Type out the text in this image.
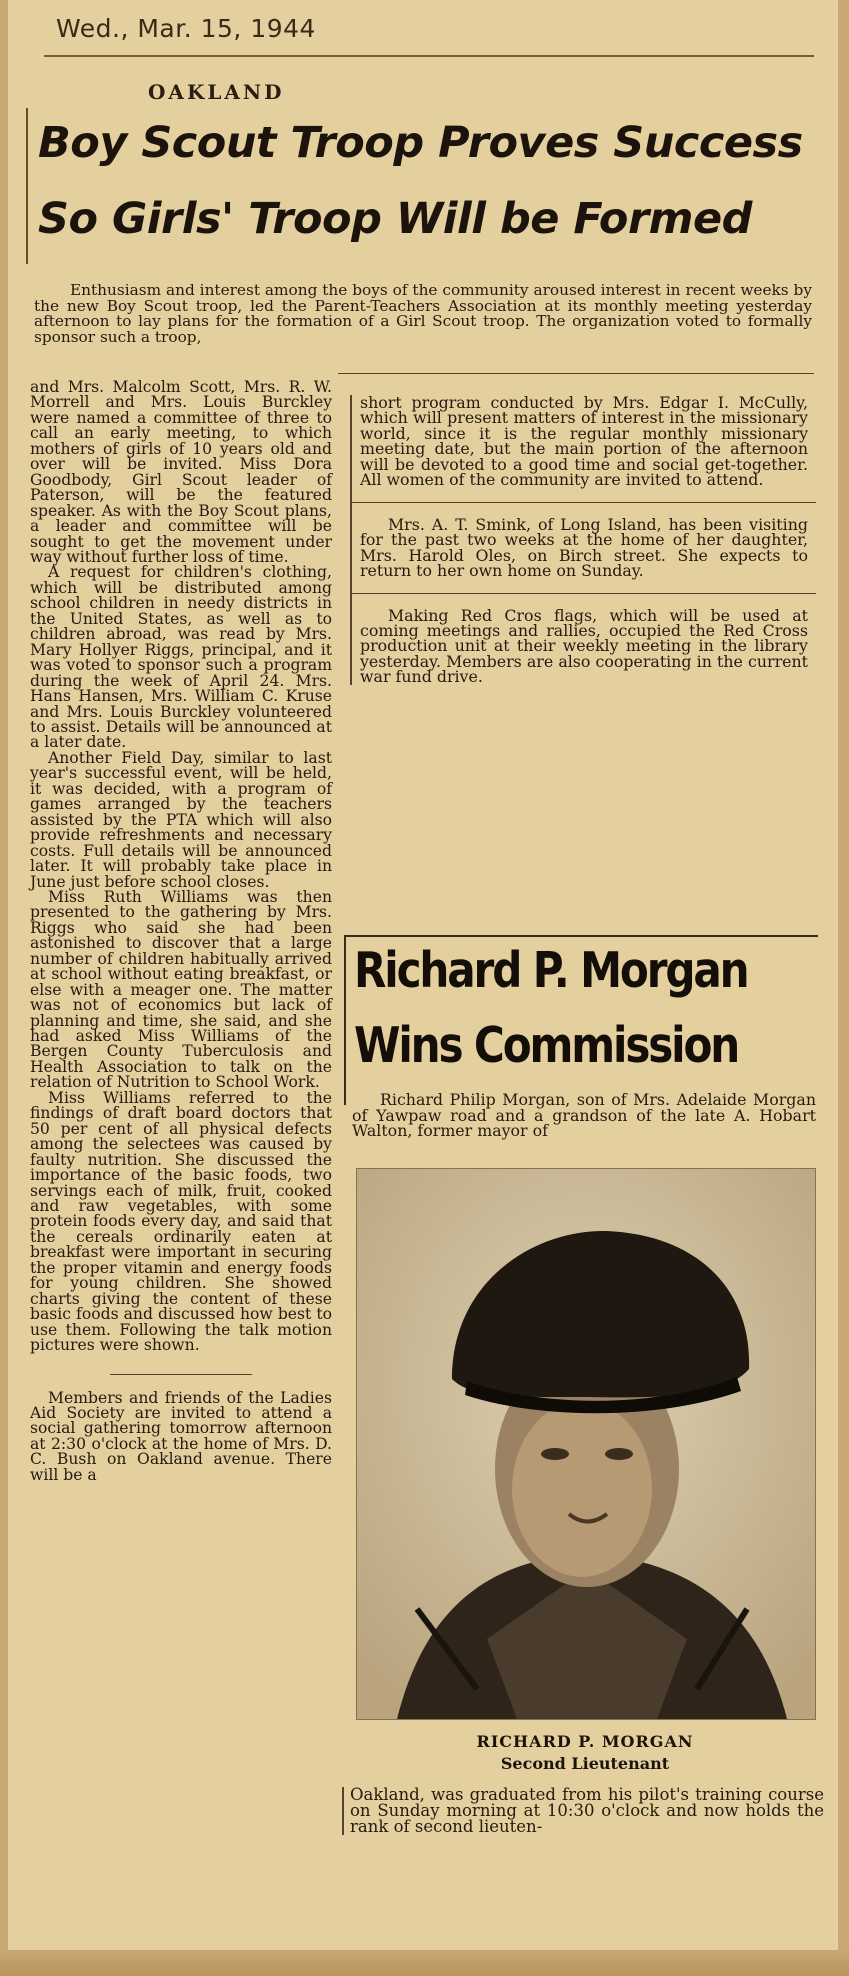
Wed., Mar. 15, 1944
OAKLAND
Boy Scout Troop Proves Success
So Girls' Troop Will be Formed

Enthusiasm and interest among the boys of the community aroused interest in recent weeks by the new Boy Scout troop, led the Parent-Teachers Association at its monthly meeting yesterday afternoon to lay plans for the formation of a Girl Scout troop. The organization voted to formally sponsor such a troop,

and Mrs. Malcolm Scott, Mrs. R. W. Morrell and Mrs. Louis Burckley were named a committee of three to call an early meeting, to which mothers of girls of 10 years old and over will be invited. Miss Dora Goodbody, Girl Scout leader of Paterson, will be the featured speaker. As with the Boy Scout plans, a leader and committee will be sought to get the movement under way without further loss of time.

A request for children's clothing, which will be distributed among school children in needy districts in the United States, as well as to children abroad, was read by Mrs. Mary Hollyer Riggs, principal, and it was voted to sponsor such a program during the week of April 24. Mrs. Hans Hansen, Mrs. William C. Kruse and Mrs. Louis Burckley volunteered to assist. Details will be announced at a later date.

Another Field Day, similar to last year's successful event, will be held, it was decided, with a program of games arranged by the teachers assisted by the PTA which will also provide refreshments and necessary costs. Full details will be announced later. It will probably take place in June just before school closes.

Miss Ruth Williams was then presented to the gathering by Mrs. Riggs who said she had been astonished to discover that a large number of children habitually arrived at school without eating breakfast, or else with a meager one. The matter was not of economics but lack of planning and time, she said, and she had asked Miss Williams of the Bergen County Tuberculosis and Health Association to talk on the relation of Nutrition to School Work.

Miss Williams referred to the findings of draft board doctors that 50 per cent of all physical defects among the selectees was caused by faulty nutrition. She discussed the importance of the basic foods, two servings each of milk, fruit, cooked and raw vegetables, with some protein foods every day, and said that the cereals ordinarily eaten at breakfast were important in securing the proper vitamin and energy foods for young children. She showed charts giving the content of these basic foods and discussed how best to use them. Following the talk motion pictures were shown.

Members and friends of the Ladies Aid Society are invited to attend a social gathering tomorrow afternoon at 2:30 o'clock at the home of Mrs. D. C. Bush on Oakland avenue. There will be a

short program conducted by Mrs. Edgar I. McCully, which will present matters of interest in the missionary world, since it is the regular monthly missionary meeting date, but the main portion of the afternoon will be devoted to a good time and social get-together. All women of the community are invited to attend.

Mrs. A. T. Smink, of Long Island, has been visiting for the past two weeks at the home of her daughter, Mrs. Harold Oles, on Birch street. She expects to return to her own home on Sunday.

Making Red Cros flags, which will be used at coming meetings and rallies, occupied the Red Cross production unit at their weekly meeting in the library yesterday. Members are also cooperating in the current war fund drive.

Richard P. Morgan
Wins Commission

Richard Philip Morgan, son of Mrs. Adelaide Morgan of Yawpaw road and a grandson of the late A. Hobart Walton, former mayor of

RICHARD P. MORGAN
Second Lieutenant

Oakland, was graduated from his pilot's training course on Sunday morning at 10:30 o'clock and now holds the rank of second lieuten-
